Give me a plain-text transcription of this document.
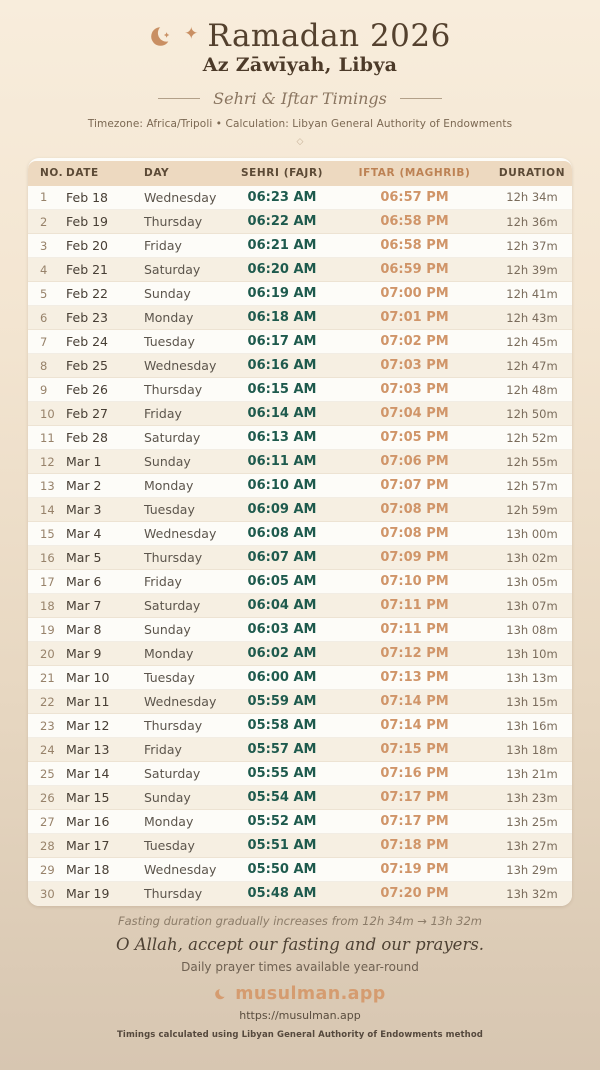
✦ Ramadan 2026
Az Zāwīyah, Libya
Sehri & Iftar Timings
Timezone: Africa/Tripoli • Calculation: Libyan General Authority of Endowments
◇
NO.	DATE	DAY	SEHRI (FAJR)	IFTAR (MAGHRIB)	DURATION
1	Feb 18	Wednesday	06:23 AM	06:57 PM	12h 34m
2	Feb 19	Thursday	06:22 AM	06:58 PM	12h 36m
3	Feb 20	Friday	06:21 AM	06:58 PM	12h 37m
4	Feb 21	Saturday	06:20 AM	06:59 PM	12h 39m
5	Feb 22	Sunday	06:19 AM	07:00 PM	12h 41m
6	Feb 23	Monday	06:18 AM	07:01 PM	12h 43m
7	Feb 24	Tuesday	06:17 AM	07:02 PM	12h 45m
8	Feb 25	Wednesday	06:16 AM	07:03 PM	12h 47m
9	Feb 26	Thursday	06:15 AM	07:03 PM	12h 48m
10	Feb 27	Friday	06:14 AM	07:04 PM	12h 50m
11	Feb 28	Saturday	06:13 AM	07:05 PM	12h 52m
12	Mar 1	Sunday	06:11 AM	07:06 PM	12h 55m
13	Mar 2	Monday	06:10 AM	07:07 PM	12h 57m
14	Mar 3	Tuesday	06:09 AM	07:08 PM	12h 59m
15	Mar 4	Wednesday	06:08 AM	07:08 PM	13h 00m
16	Mar 5	Thursday	06:07 AM	07:09 PM	13h 02m
17	Mar 6	Friday	06:05 AM	07:10 PM	13h 05m
18	Mar 7	Saturday	06:04 AM	07:11 PM	13h 07m
19	Mar 8	Sunday	06:03 AM	07:11 PM	13h 08m
20	Mar 9	Monday	06:02 AM	07:12 PM	13h 10m
21	Mar 10	Tuesday	06:00 AM	07:13 PM	13h 13m
22	Mar 11	Wednesday	05:59 AM	07:14 PM	13h 15m
23	Mar 12	Thursday	05:58 AM	07:14 PM	13h 16m
24	Mar 13	Friday	05:57 AM	07:15 PM	13h 18m
25	Mar 14	Saturday	05:55 AM	07:16 PM	13h 21m
26	Mar 15	Sunday	05:54 AM	07:17 PM	13h 23m
27	Mar 16	Monday	05:52 AM	07:17 PM	13h 25m
28	Mar 17	Tuesday	05:51 AM	07:18 PM	13h 27m
29	Mar 18	Wednesday	05:50 AM	07:19 PM	13h 29m
30	Mar 19	Thursday	05:48 AM	07:20 PM	13h 32m
Fasting duration gradually increases from 12h 34m → 13h 32m
O Allah, accept our fasting and our prayers.
Daily prayer times available year-round
musulman.app
https://musulman.app
Timings calculated using Libyan General Authority of Endowments method
